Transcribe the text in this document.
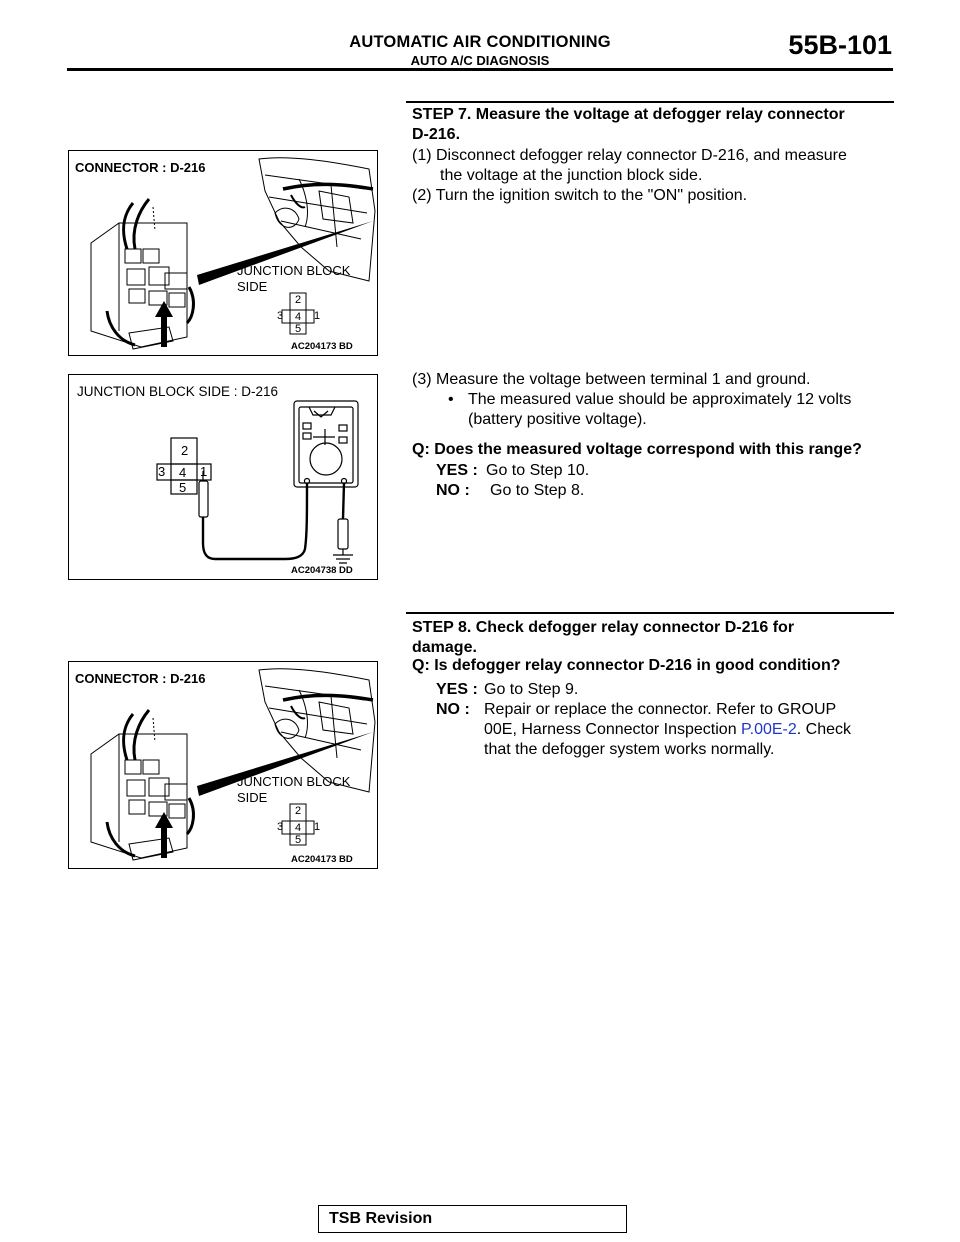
AUTOMATIC AIR CONDITIONING
AUTO A/C DIAGNOSIS
55B-101
CONNECTOR : D-216
JUNCTION BLOCK
SIDE
2
3 4 1
5
AC204173 BD
JUNCTION BLOCK SIDE : D-216
2
3 4 1
5
AC204738 DD
CONNECTOR : D-216
JUNCTION BLOCK
SIDE
2
3 4 1
5
AC204173 BD
STEP 7. Measure the voltage at defogger relay connector
D-216.
(1) Disconnect defogger relay connector D-216, and measure
the voltage at the junction block side.
(2) Turn the ignition switch to the "ON" position.
(3) Measure the voltage between terminal 1 and ground.
• The measured value should be approximately 12 volts
(battery positive voltage).
Q: Does the measured voltage correspond with this range?
YES : Go to Step 10.
NO : Go to Step 8.
STEP 8. Check defogger relay connector D-216 for
damage.
Q: Is defogger relay connector D-216 in good condition?
YES : Go to Step 9.
NO : Repair or replace the connector. Refer to GROUP
00E, Harness Connector Inspection P.00E-2. Check
that the defogger system works normally.
TSB Revision
